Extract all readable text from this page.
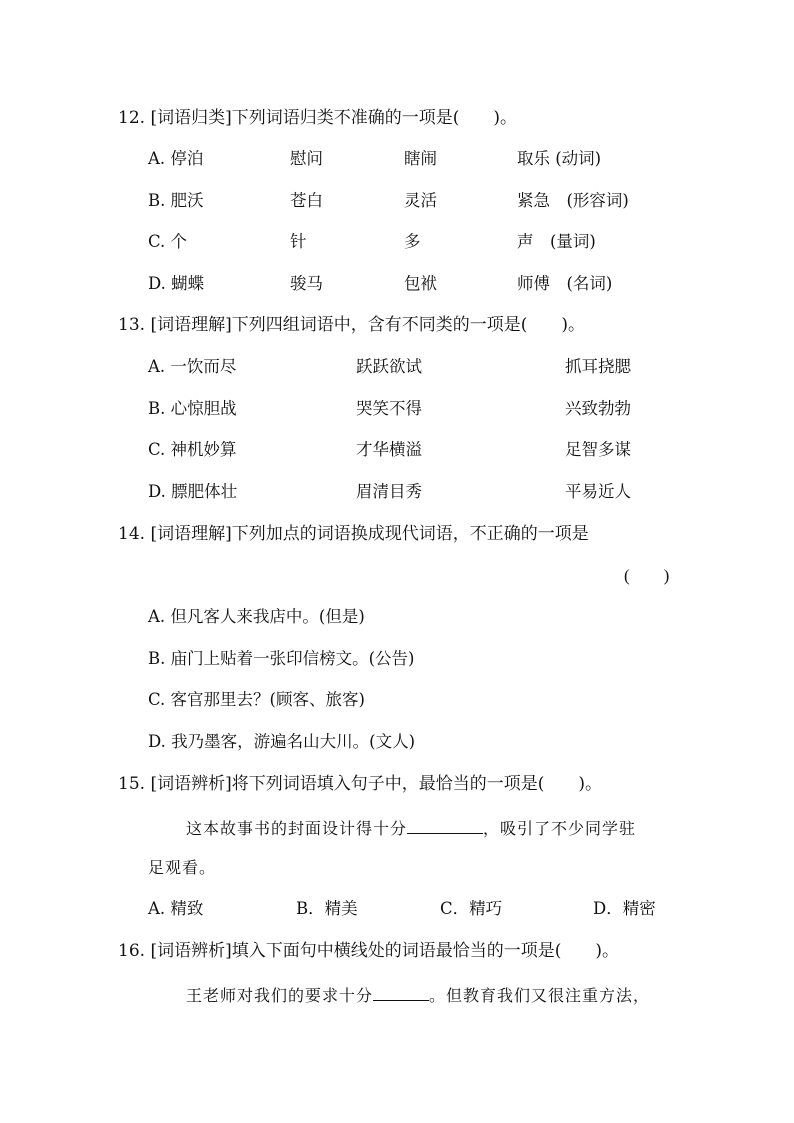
12. [词语归类]下列词语归类不准确的一项是(　　)。
A. 停泊	慰问	瞎闹	取乐 (动词)
B. 肥沃	苍白	灵活	紧急　(形容词)
C. 个	针	多	声　(量词)
D. 蝴蝶	骏马	包袱	师傅　(名词)
13. [词语理解]下列四组词语中，含有不同类的一项是(　　)。
A. 一饮而尽	跃跃欲试	抓耳挠腮
B. 心惊胆战	哭笑不得	兴致勃勃
C. 神机妙算	才华横溢	足智多谋
D. 膘肥体壮	眉清目秀	平易近人
14. [词语理解]下列加点的词语换成现代词语，不正确的一项是
(　　)
A. 但凡客人来我店中。(但是)
B. 庙门上贴着一张印信榜文。(公告)
C. 客官那里去？(顾客、旅客)
D. 我乃墨客，游遍名山大川。(文人)
15. [词语辨析]将下列词语填入句子中，最恰当的一项是(　　)。
这本故事书的封面设计得十分	，吸引了不少同学驻
足观看。
A. 精致	B．精美	C．精巧	D．精密
16. [词语辨析]填入下面句中横线处的词语最恰当的一项是(　　)。
王老师对我们的要求十分	。但教育我们又很注重方法，
